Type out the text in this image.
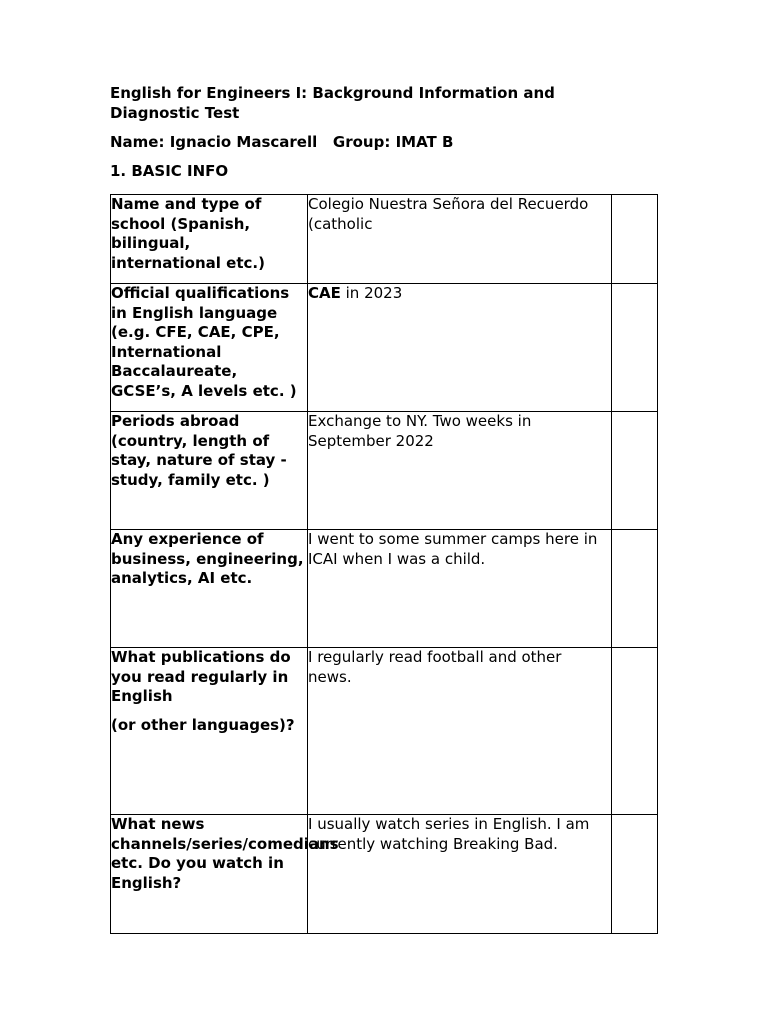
English for Engineers I: Background Information and Diagnostic Test
Name: Ignacio Mascarell Group: IMAT B
1. BASIC INFO
Name and type of school (Spanish, bilingual, international etc.)
Colegio Nuestra Señora del Recuerdo (catholic
Official qualifications in English language (e.g. CFE, CAE, CPE, International Baccalaureate, GCSE’s, A levels etc. )
CAE in 2023
Periods abroad (country, length of stay, nature of stay - study, family etc. )
Exchange to NY. Two weeks in September 2022
Any experience of business, engineering, analytics, AI etc.
I went to some summer camps here in ICAI when I was a child.

What publications do you read regularly in English

(or other languages)?

I regularly read football and other news.
What news channels/series/comedians etc. Do you watch in English?
I usually watch series in English. I am currently watching Breaking Bad.
